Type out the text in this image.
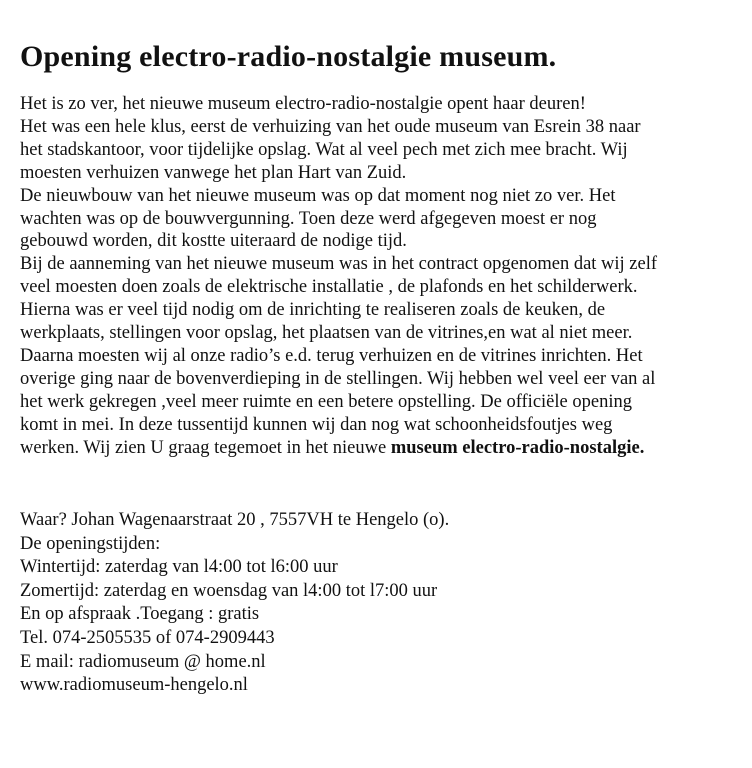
Opening electro-radio-nostalgie museum.
Het is zo ver, het nieuwe museum electro-radio-nostalgie opent haar deuren!
Het was een hele klus, eerst de verhuizing van het oude museum van Esrein 38 naar
het stadskantoor, voor tijdelijke opslag. Wat al veel pech met zich mee bracht. Wij
moesten verhuizen vanwege het plan Hart van Zuid.
De nieuwbouw van het nieuwe museum was op dat moment nog niet zo ver. Het
wachten was op de bouwvergunning. Toen deze werd afgegeven moest er nog
gebouwd worden, dit kostte uiteraard de nodige tijd.
Bij de aanneming van het nieuwe museum was in het contract opgenomen dat wij zelf
veel moesten doen zoals de elektrische installatie , de plafonds en het schilderwerk.
Hierna was er veel tijd nodig om de inrichting te realiseren zoals de keuken, de
werkplaats, stellingen voor opslag, het plaatsen van de vitrines,en wat al niet meer.
Daarna moesten wij al onze radio’s e.d. terug verhuizen en de vitrines inrichten. Het
overige ging naar de bovenverdieping in de stellingen. Wij hebben wel veel eer van al
het werk gekregen ,veel meer ruimte en een betere opstelling. De officiële opening
komt in mei. In deze tussentijd kunnen wij dan nog wat schoonheidsfoutjes weg
werken. Wij zien U graag tegemoet in het nieuwe museum electro-radio-nostalgie.
Waar? Johan Wagenaarstraat 20 , 7557VH te Hengelo (o).
De openingstijden:
Wintertijd: zaterdag van l4:00 tot l6:00 uur
Zomertijd: zaterdag en woensdag van l4:00 tot l7:00 uur
En op afspraak .Toegang : gratis
Tel. 074-2505535 of 074-2909443
E mail: radiomuseum @ home.nl
www.radiomuseum-hengelo.nl
